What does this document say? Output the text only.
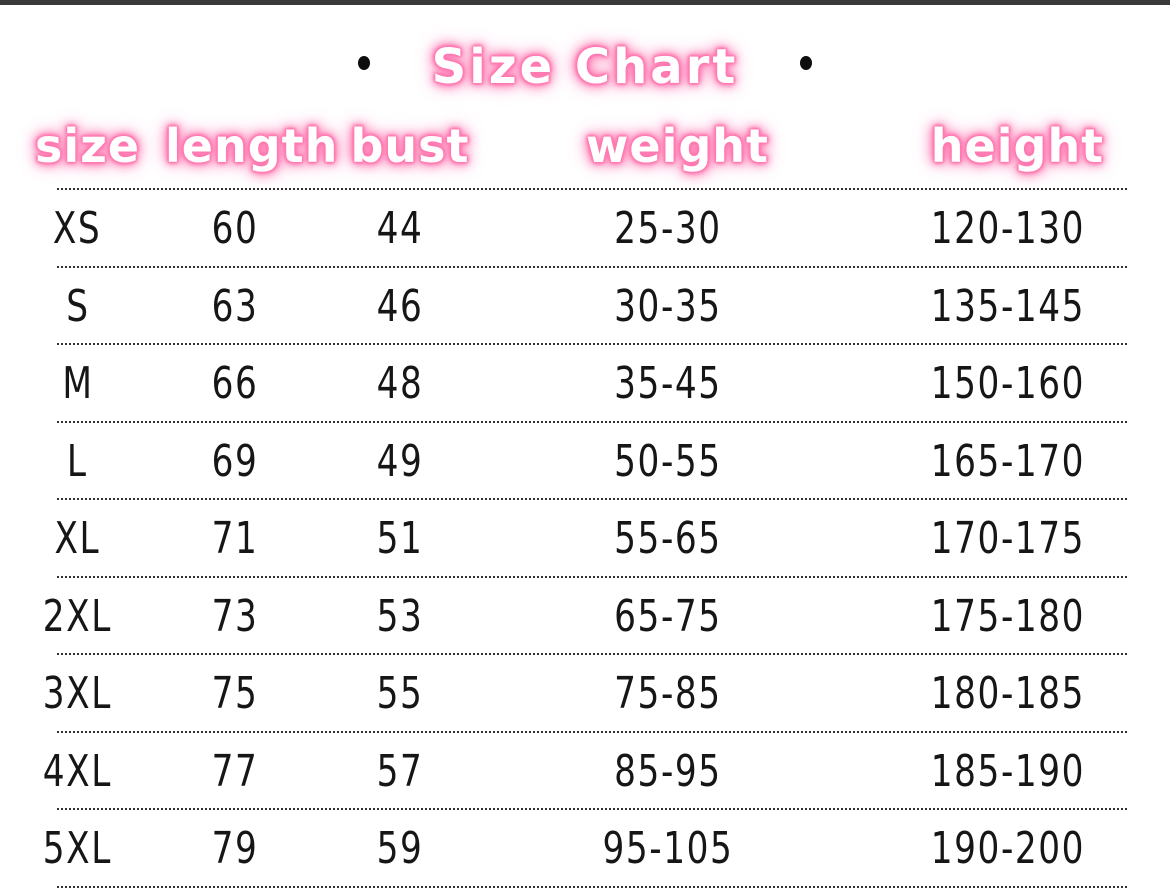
Size Chart
size length bust	weight	height
XS	60	44	25-30	120-130
S	63	46	30-35	135-145
M	66	48	35-45	150-160
L	69	49	50-55	165-170
XL	71	51	55-65	170-175
2XL	73	53	65-75	175-180
3XL	75	55	75-85	180-185
4XL	77	57	85-95	185-190
5XL	79	59	95-105	190-200
